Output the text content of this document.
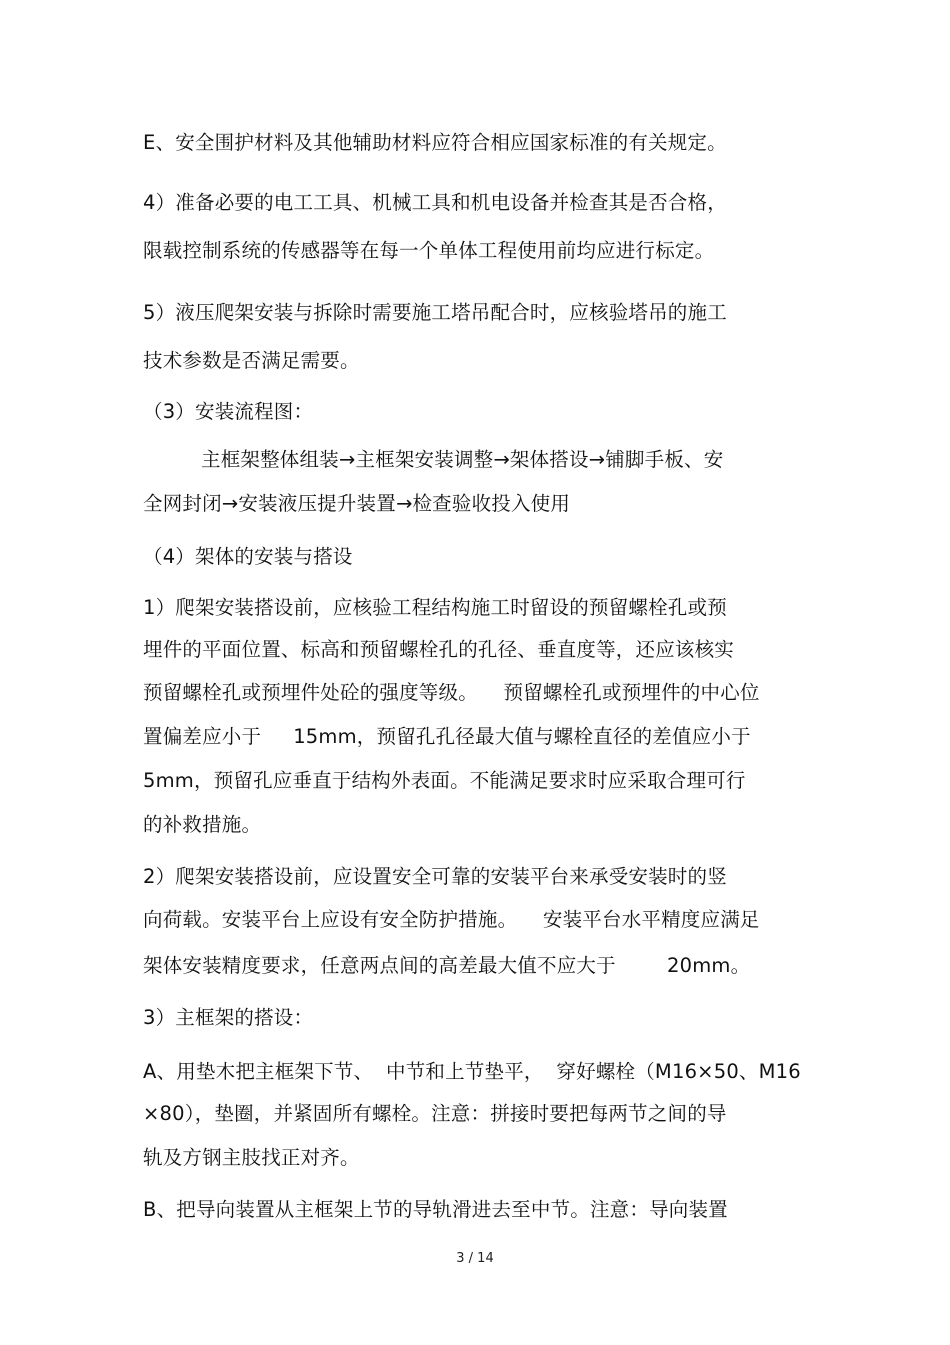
E、安全围护材料及其他辅助材料应符合相应国家标准的有关规定。
4）准备必要的电工工具、机械工具和机电设备并检查其是否合格，
限载控制系统的传感器等在每一个单体工程使用前均应进行标定。
5）液压爬架安装与拆除时需要施工塔吊配合时，应核验塔吊的施工
技术参数是否满足需要。
（3）安装流程图：
主框架整体组装→主框架安装调整→架体搭设→铺脚手板、安
全网封闭→安装液压提升装置→检查验收投入使用
（4）架体的安装与搭设
1）爬架安装搭设前，应核验工程结构施工时留设的预留螺栓孔或预
埋件的平面位置、标高和预留螺栓孔的孔径、垂直度等，还应该核实
预留螺栓孔或预埋件处砼的强度等级。    预留螺栓孔或预埋件的中心位
置偏差应小于     15mm，预留孔孔径最大值与螺栓直径的差值应小于
5mm，预留孔应垂直于结构外表面。不能满足要求时应采取合理可行
的补救措施。
2）爬架安装搭设前，应设置安全可靠的安装平台来承受安装时的竖
向荷载。安装平台上应设有安全防护措施。    安装平台水平精度应满足
架体安装精度要求，任意两点间的高差最大值不应大于        20mm。
3）主框架的搭设：
A、用垫木把主框架下节、  中节和上节垫平，  穿好螺栓（M16×50、M16
×80），垫圈，并紧固所有螺栓。注意：拼接时要把每两节之间的导
轨及方钢主肢找正对齐。
B、把导向装置从主框架上节的导轨滑进去至中节。注意：导向装置
3 / 14
